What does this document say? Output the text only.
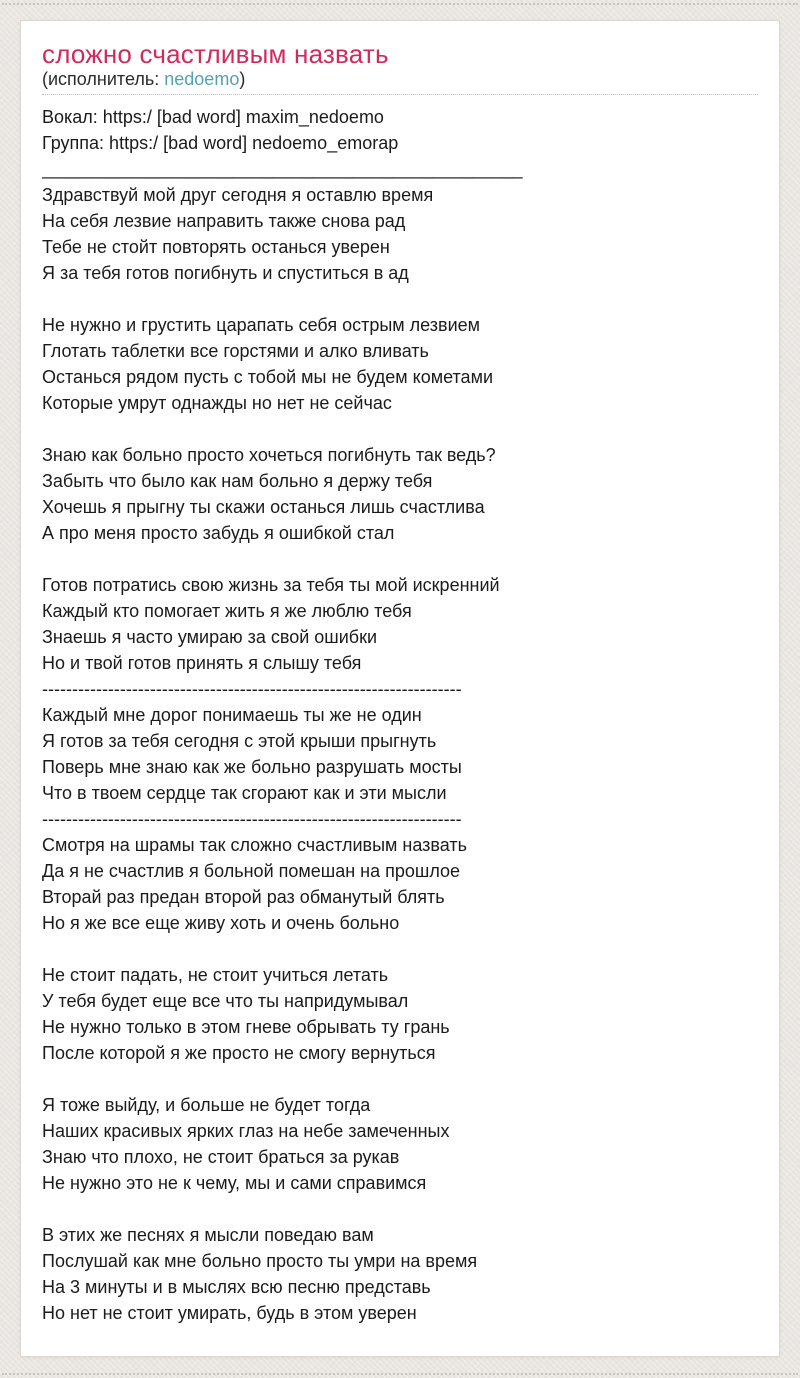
сложно счастливым назвать
(исполнитель: nedoemo)
Вокал: https:/ [bad word] maxim_nedoemo
Группа: https:/ [bad word] nedoemo_emorap
________________________________________________
Здравствуй мой друг сегодня я оставлю время
На себя лезвие направить также снова рад
Тебе не стойт повторять останься уверен
Я за тебя готов погибнуть и спуститься в ад

Не нужно и грустить царапать себя острым лезвием
Глотать таблетки все горстями и алко вливать
Останься рядом пусть с тобой мы не будем кометами
Которые умрут однажды но нет не сейчас

Знаю как больно просто хочеться погибнуть так ведь?
Забыть что было как нам больно я держу тебя
Хочешь я прыгну ты скажи останься лишь счастлива
А про меня просто забудь я ошибкой стал

Готов потратись свою жизнь за тебя ты мой искренний
Каждый кто помогает жить я же люблю тебя
Знаешь я часто умираю за свой ошибки
Но и твой готов принять я слышу тебя
----------------------------------------------------------------------
Каждый мне дорог понимаешь ты же не один
Я готов за тебя сегодня с этой крыши прыгнуть
Поверь мне знаю как же больно разрушать мосты
Что в твоем сердце так сгорают как и эти мысли
----------------------------------------------------------------------
Смотря на шрамы так сложно счастливым назвать
Да я не счастлив я больной помешан на прошлое
Вторай раз предан второй раз обманутый блять
Но я же все еще живу хоть и очень больно

Не стоит падать, не стоит учиться летать
У тебя будет еще все что ты напридумывал
Не нужно только в этом гневе обрывать ту грань
После которой я же просто не смогу вернуться

Я тоже выйду, и больше не будет тогда
Наших красивых ярких глаз на небе замеченных
Знаю что плохо, не стоит браться за рукав
Не нужно это не к чему, мы и сами справимся

В этих же песнях я мысли поведаю вам
Послушай как мне больно просто ты умри на время
На 3 минуты и в мыслях всю песню представь
Но нет не стоит умирать, будь в этом уверен
